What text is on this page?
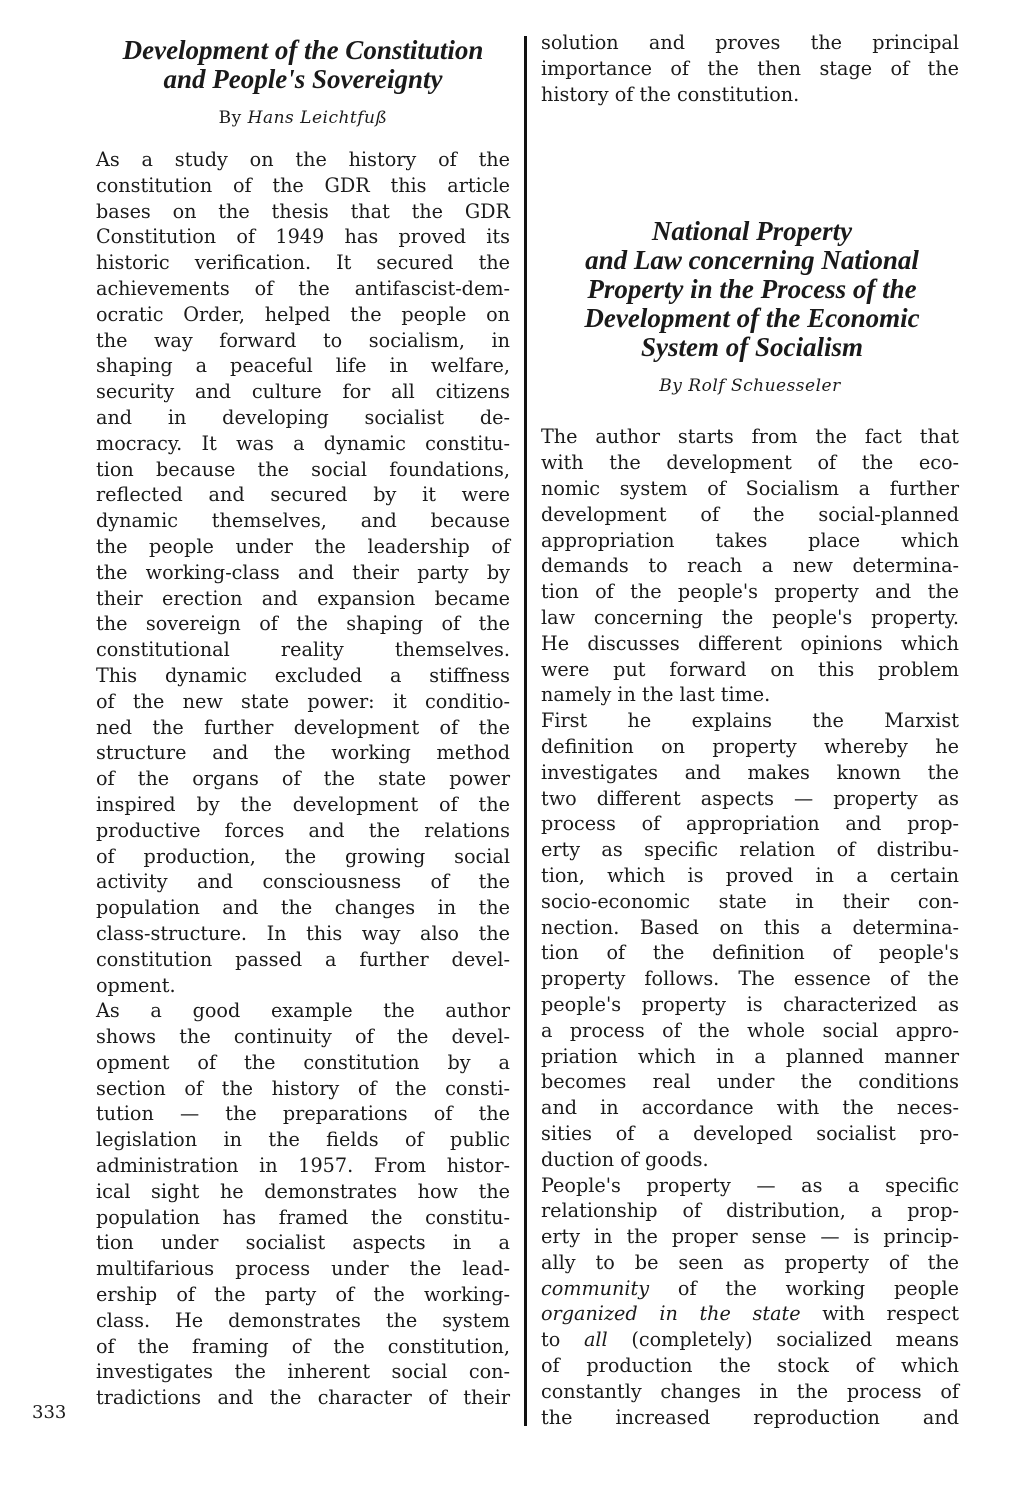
Development of the Constitution
and People's Sovereignty
By Hans Leichtfuß
As a study on the history of the
constitution of the GDR this article
bases on the thesis that the GDR
Constitution of 1949 has proved its
historic verification. It secured the
achievements of the antifascist-dem-
ocratic Order, helped the people on
the way forward to socialism, in
shaping a peaceful life in welfare,
security and culture for all citizens
and in developing socialist de-
mocracy. It was a dynamic constitu-
tion because the social foundations,
reflected and secured by it were
dynamic themselves, and because
the people under the leadership of
the working-class and their party by
their erection and expansion became
the sovereign of the shaping of the
constitutional reality themselves.
This dynamic excluded a stiffness
of the new state power: it conditio-
ned the further development of the
structure and the working method
of the organs of the state power
inspired by the development of the
productive forces and the relations
of production, the growing social
activity and consciousness of the
population and the changes in the
class-structure. In this way also the
constitution passed a further devel-
opment.
As a good example the author
shows the continuity of the devel-
opment of the constitution by a
section of the history of the consti-
tution — the preparations of the
legislation in the fields of public
administration in 1957. From histor-
ical sight he demonstrates how the
population has framed the constitu-
tion under socialist aspects in a
multifarious process under the lead-
ership of the party of the working-
class. He demonstrates the system
of the framing of the constitution,
investigates the inherent social con-
tradictions and the character of their
solution and proves the principal
importance of the then stage of the
history of the constitution.
National Property
and Law concerning National
Property in the Process of the
Development of the Economic
System of Socialism
By Rolf Schuesseler
The author starts from the fact that
with the development of the eco-
nomic system of Socialism a further
development of the social-planned
appropriation takes place which
demands to reach a new determina-
tion of the people's property and the
law concerning the people's property.
He discusses different opinions which
were put forward on this problem
namely in the last time.
First he explains the Marxist
definition on property whereby he
investigates and makes known the
two different aspects — property as
process of appropriation and prop-
erty as specific relation of distribu-
tion, which is proved in a certain
socio-economic state in their con-
nection. Based on this a determina-
tion of the definition of people's
property follows. The essence of the
people's property is characterized as
a process of the whole social appro-
priation which in a planned manner
becomes real under the conditions
and in accordance with the neces-
sities of a developed socialist pro-
duction of goods.
People's property — as a specific
relationship of distribution, a prop-
erty in the proper sense — is princip-
ally to be seen as property of the
community of the working people
organized in the state with respect
to all (completely) socialized means
of production the stock of which
constantly changes in the process of
the increased reproduction and
333
